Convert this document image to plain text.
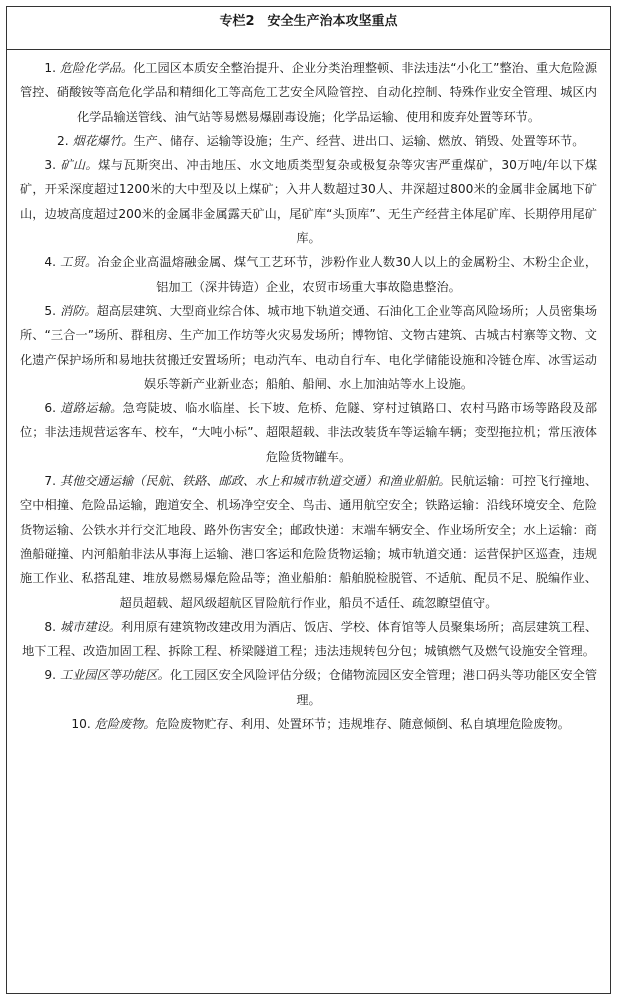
专栏2　安全生产治本攻坚重点

1. 危险化学品。化工园区本质安全整治提升、企业分类治理整顿、非法违法“小化工”整治、重大危险源管控、硝酸铵等高危化学品和精细化工等高危工艺安全风险管控、自动化控制、特殊作业安全管理、城区内化学品输送管线、油气站等易燃易爆剧毒设施；化学品运输、使用和废弃处置等环节。

2. 烟花爆竹。生产、储存、运输等设施；生产、经营、进出口、运输、燃放、销毁、处置等环节。

3. 矿山。煤与瓦斯突出、冲击地压、水文地质类型复杂或极复杂等灾害严重煤矿，30万吨/年以下煤矿，开采深度超过1200米的大中型及以上煤矿；入井人数超过30人、井深超过800米的金属非金属地下矿山，边坡高度超过200米的金属非金属露天矿山，尾矿库“头顶库”、无生产经营主体尾矿库、长期停用尾矿库。

4. 工贸。冶金企业高温熔融金属、煤气工艺环节，涉粉作业人数30人以上的金属粉尘、木粉尘企业，铝加工（深井铸造）企业，农贸市场重大事故隐患整治。

5. 消防。超高层建筑、大型商业综合体、城市地下轨道交通、石油化工企业等高风险场所；人员密集场所、“三合一”场所、群租房、生产加工作坊等火灾易发场所；博物馆、文物古建筑、古城古村寨等文物、文化遗产保护场所和易地扶贫搬迁安置场所；电动汽车、电动自行车、电化学储能设施和冷链仓库、冰雪运动娱乐等新产业新业态；船舶、船闸、水上加油站等水上设施。

6. 道路运输。急弯陡坡、临水临崖、长下坡、危桥、危隧、穿村过镇路口、农村马路市场等路段及部位；非法违规营运客车、校车，“大吨小标”、超限超载、非法改装货车等运输车辆；变型拖拉机；常压液体危险货物罐车。

7. 其他交通运输（民航、铁路、邮政、水上和城市轨道交通）和渔业船舶。民航运输：可控飞行撞地、空中相撞、危险品运输，跑道安全、机场净空安全、鸟击、通用航空安全；铁路运输：沿线环境安全、危险货物运输、公铁水并行交汇地段、路外伤害安全；邮政快递：末端车辆安全、作业场所安全；水上运输：商渔船碰撞、内河船舶非法从事海上运输、港口客运和危险货物运输；城市轨道交通：运营保护区巡查，违规施工作业、私搭乱建、堆放易燃易爆危险品等；渔业船舶：船舶脱检脱管、不适航、配员不足、脱编作业、超员超载、超风级超航区冒险航行作业，船员不适任、疏忽瞭望值守。

8. 城市建设。利用原有建筑物改建改用为酒店、饭店、学校、体育馆等人员聚集场所；高层建筑工程、地下工程、改造加固工程、拆除工程、桥梁隧道工程；违法违规转包分包；城镇燃气及燃气设施安全管理。

9. 工业园区等功能区。化工园区安全风险评估分级；仓储物流园区安全管理；港口码头等功能区安全管理。

10. 危险废物。危险废物贮存、利用、处置环节；违规堆存、随意倾倒、私自填埋危险废物。
